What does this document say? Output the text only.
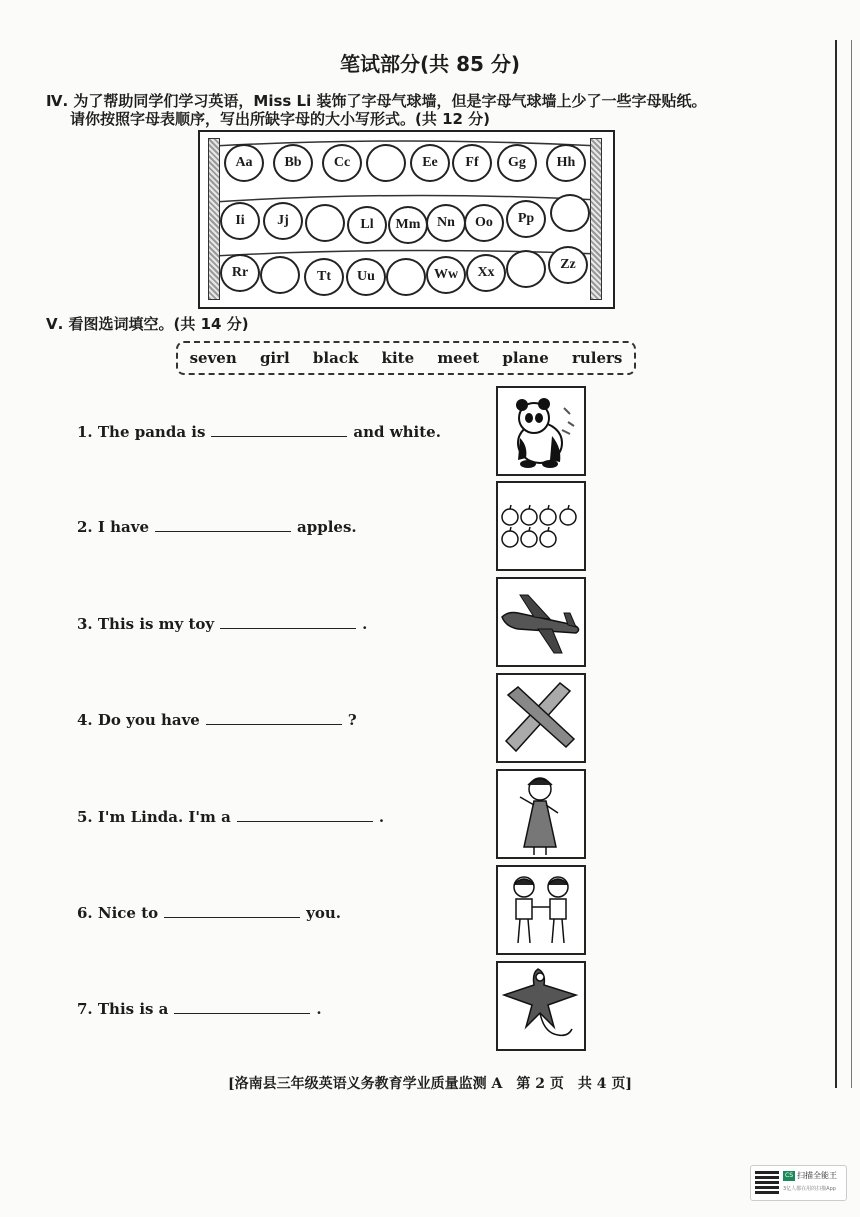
笔试部分(共 85 分)
Ⅳ. 为了帮助同学们学习英语，Miss Li 装饰了字母气球墙，但是字母气球墙上少了一些字母贴纸。
请你按照字母表顺序，写出所缺字母的大小写形式。(共 12 分)
Aa	Bb	Cc	Ee	Ff	Gg	Hh
Ii	Jj	Ll	Mm	Nn	Oo	Pp
Rr	Tt	Uu	Ww	Xx
Zz
Ⅴ. 看图选词填空。(共 14 分)
seven girl black kite meet plane rulers
1. The panda is	and white.
2. I have	apples.
3. This is my toy	.
4. Do you have	?
5. I'm Linda. I'm a	.
6. Nice to	you.
7. This is a	.
[洛南县三年级英语义务教育学业质量监测 A　第 2 页　共 4 页]
CS 扫描全能王
3亿人都在用的扫描App
